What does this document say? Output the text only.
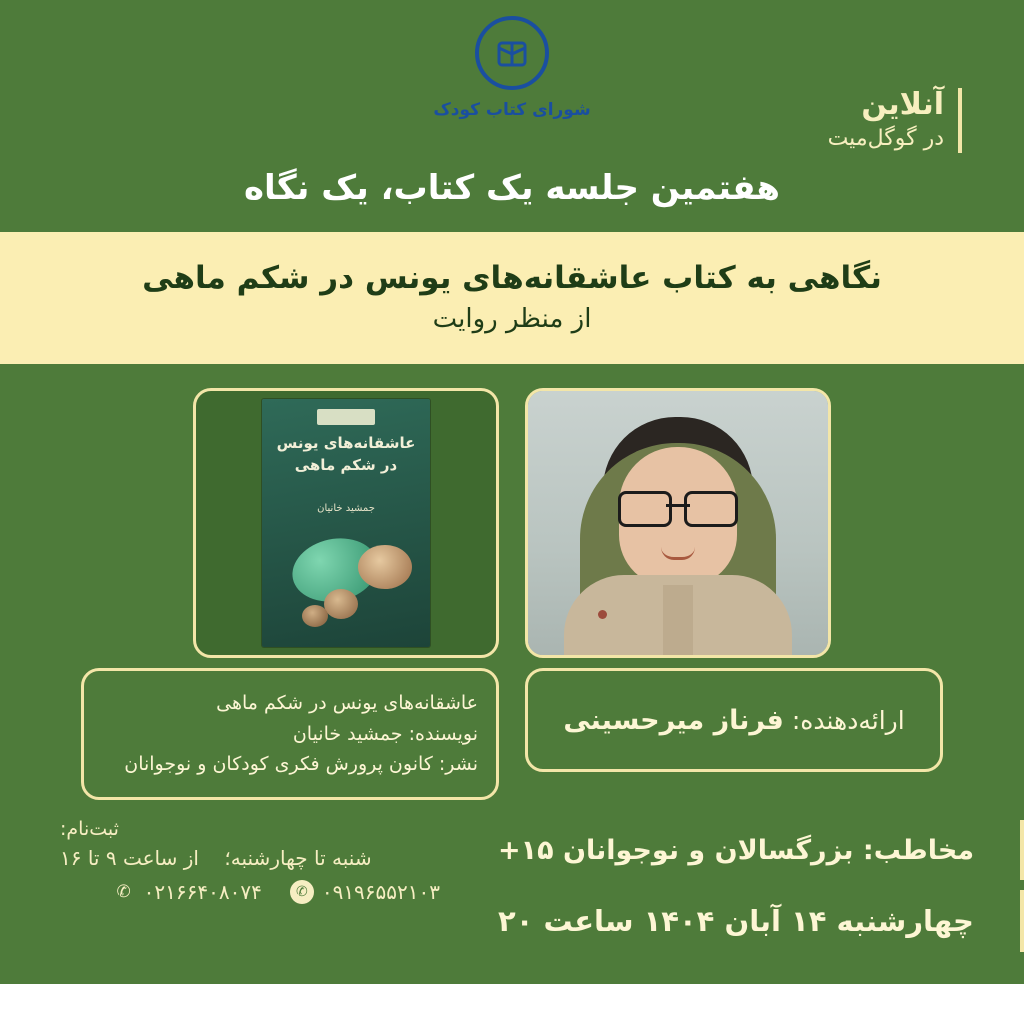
شورای کتاب کودک	آنلاین
در گوگل‌میت
هفتمین جلسه یک کتاب، یک نگاه
نگاهی به کتاب عاشقانه‌های یونس در شکم ماهی
از منظر روایت
عاشقانه‌های یونس در شکم ماهی
جمشید خانیان
ارائه‌دهنده: فرناز میرحسینی
عاشقانه‌های یونس در شکم ماهی
نویسنده: جمشید خانیان
نشر: کانون پرورش فکری کودکان و نوجوانان
مخاطب: بزرگسالان و نوجوانان ۱۵+
چهارشنبه ۱۴ آبان ۱۴۰۴ ساعت ۲۰
ثبت‌نام:
شنبه تا چهارشنبه؛    از ساعت ۹ تا ۱۶
✆ ۰۹۱۹۶۵۵۲۱۰۳
✆ ۰۲۱۶۶۴۰۸۰۷۴
